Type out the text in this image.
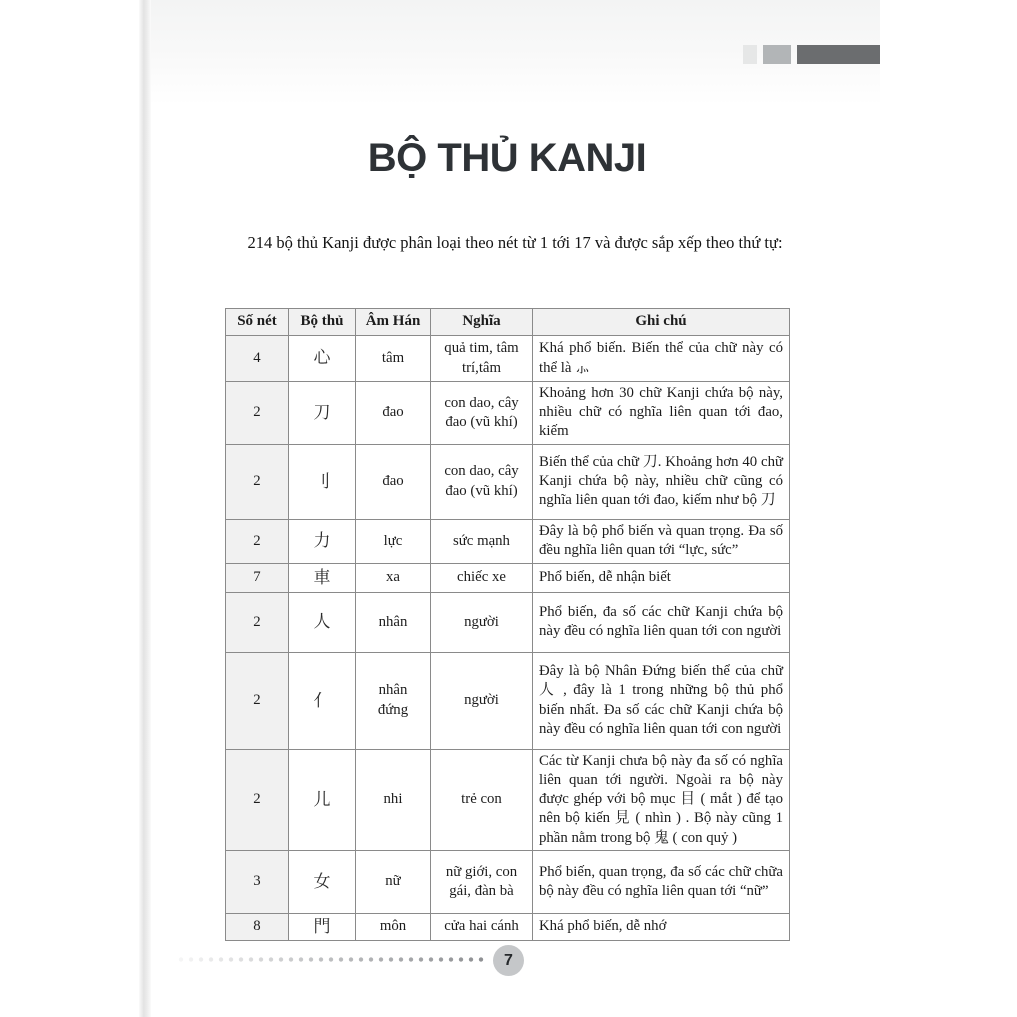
BỘ THỦ KANJI

214 bộ thủ Kanji được phân loại theo nét từ 1 tới 17 và được sắp xếp theo thứ tự:

Số nét	Bộ thủ	Âm Hán	Nghĩa	Ghi chú
4	心	tâm	quả tim, tâm trí,tâm	Khá phổ biến. Biến thể của chữ này có thể là ⺗
2	刀	đao	con dao, cây đao (vũ khí)	Khoảng hơn 30 chữ Kanji chứa bộ này, nhiều chữ có nghĩa liên quan tới đao, kiếm
2	刂	đao	con dao, cây đao (vũ khí)	Biến thể của chữ 刀. Khoảng hơn 40 chữ Kanji chứa bộ này, nhiều chữ cũng có nghĩa liên quan tới đao, kiếm như bộ 刀
2	力	lực	sức mạnh	Đây là bộ phổ biến và quan trọng. Đa số đều nghĩa liên quan tới “lực, sức”
7	車	xa	chiếc xe	Phổ biến, dễ nhận biết
2	人	nhân	người	Phổ biến, đa số các chữ Kanji chứa bộ này đều có nghĩa liên quan tới con người
2	亻	nhân đứng	người	Đây là bộ Nhân Đứng biến thể của chữ 人 , đây là 1 trong những bộ thủ phổ biến nhất. Đa số các chữ Kanji chứa bộ này đều có nghĩa liên quan tới con người
2	儿	nhi	trẻ con	Các từ Kanji chưa bộ này đa số có nghĩa liên quan tới người. Ngoài ra bộ này được ghép với bộ mục 目 ( mắt ) để tạo nên bộ kiến 見 ( nhìn ) . Bộ này cũng 1 phần nằm trong bộ 鬼 ( con quỷ )
3	女	nữ	nữ giới, con gái, đàn bà	Phổ biến, quan trọng, đa số các chữ chữa bộ này đều có nghĩa liên quan tới “nữ”
8	門	môn	cửa hai cánh	Khá phổ biến, dễ nhớ
7
